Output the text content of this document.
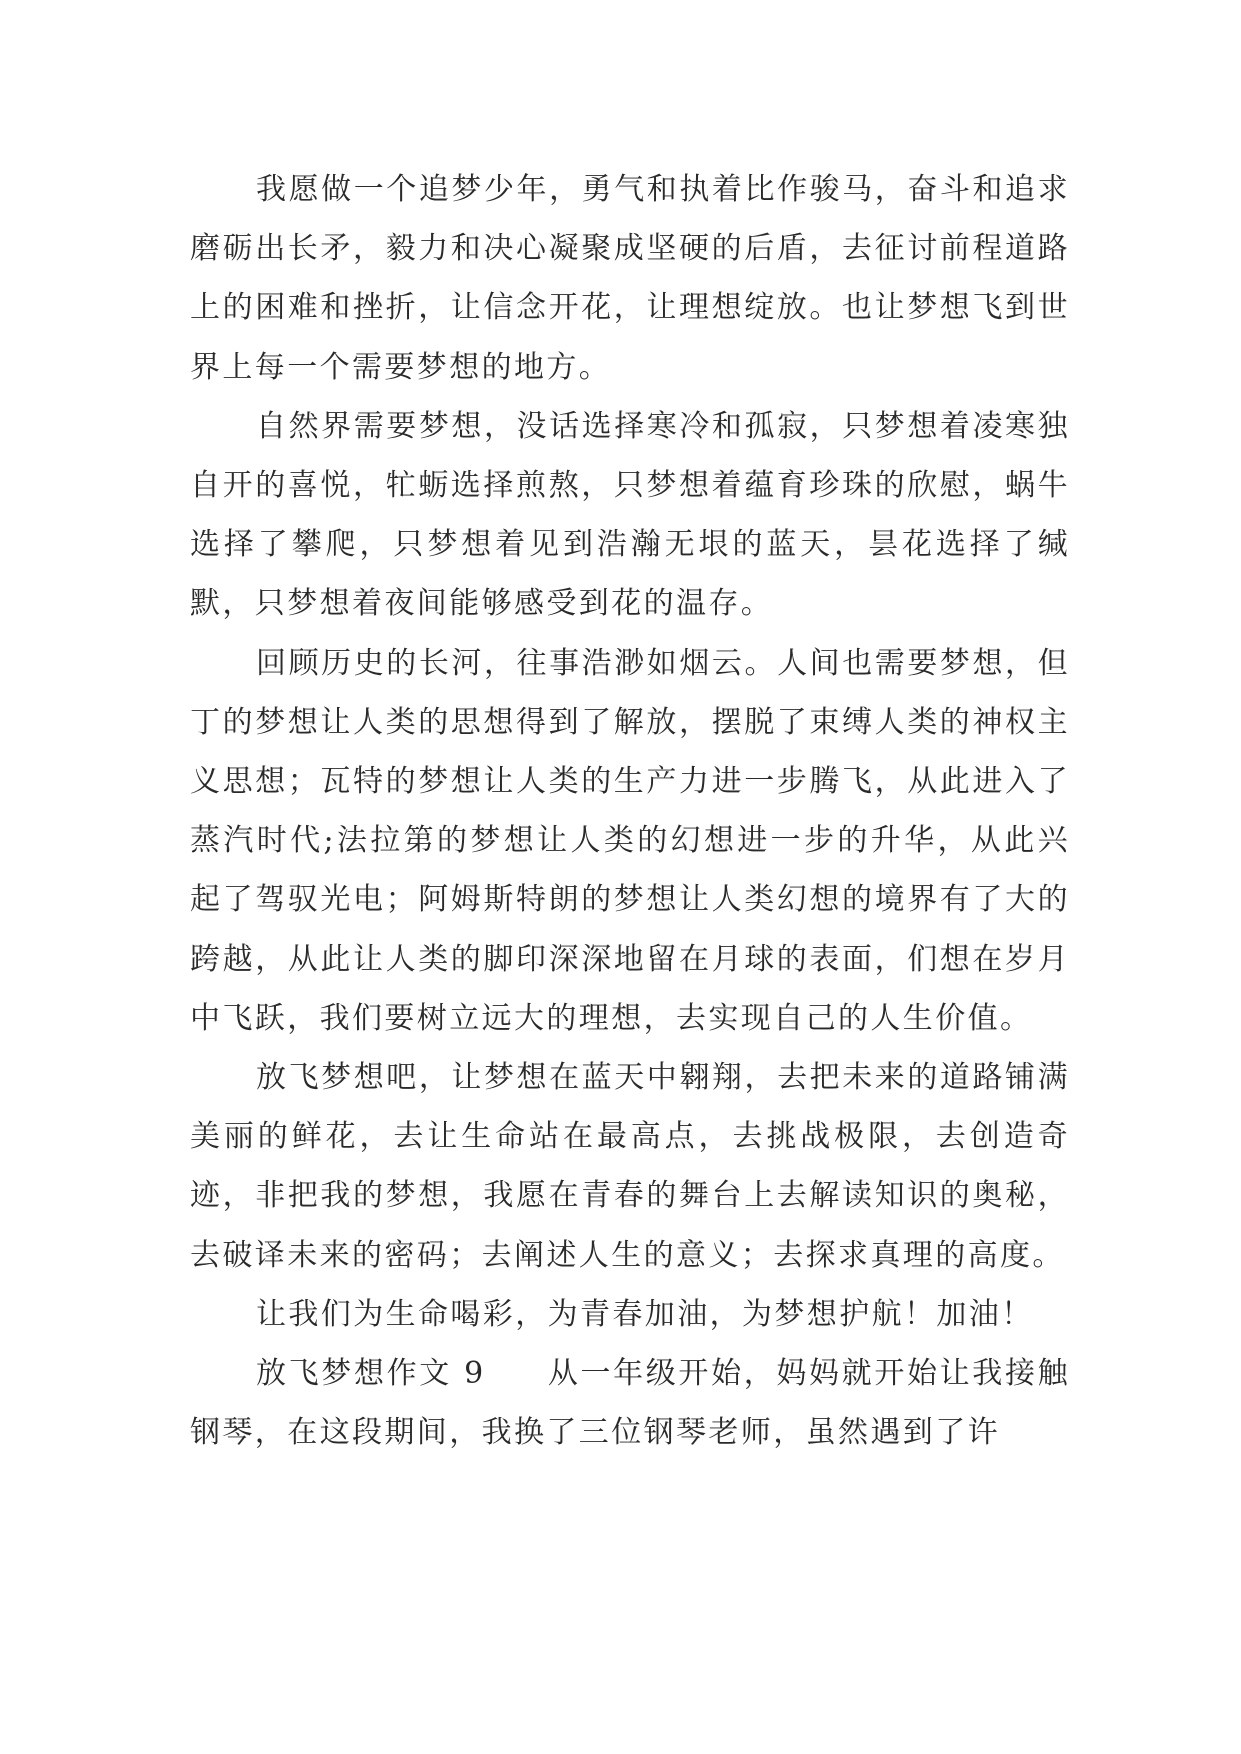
我愿做一个追梦少年，勇气和执着比作骏马，奋斗和追求磨砺出长矛，毅力和决心凝聚成坚硬的后盾，去征讨前程道路上的困难和挫折，让信念开花，让理想绽放。也让梦想飞到世界上每一个需要梦想的地方。

自然界需要梦想，没话选择寒冷和孤寂，只梦想着凌寒独自开的喜悦，牤蛎选择煎熬，只梦想着蕴育珍珠的欣慰，蜗牛选择了攀爬，只梦想着见到浩瀚无垠的蓝天，昙花选择了缄默，只梦想着夜间能够感受到花的温存。

回顾历史的长河，往事浩渺如烟云。人间也需要梦想，但丁的梦想让人类的思想得到了解放，摆脱了束缚人类的神权主义思想；瓦特的梦想让人类的生产力进一步腾飞，从此进入了蒸汽时代;法拉第的梦想让人类的幻想进一步的升华，从此兴起了驾驭光电；阿姆斯特朗的梦想让人类幻想的境界有了大的跨越，从此让人类的脚印深深地留在月球的表面，们想在岁月中飞跃，我们要树立远大的理想，去实现自己的人生价值。

放飞梦想吧，让梦想在蓝天中翱翔，去把未来的道路铺满美丽的鲜花，去让生命站在最高点，去挑战极限，去创造奇迹，非把我的梦想，我愿在青春的舞台上去解读知识的奥秘，去破译未来的密码；去阐述人生的意义；去探求真理的高度。

让我们为生命喝彩，为青春加油，为梦想护航！加油！

放飞梦想作文 9 从一年级开始，妈妈就开始让我接触钢琴，在这段期间，我换了三位钢琴老师，虽然遇到了许
